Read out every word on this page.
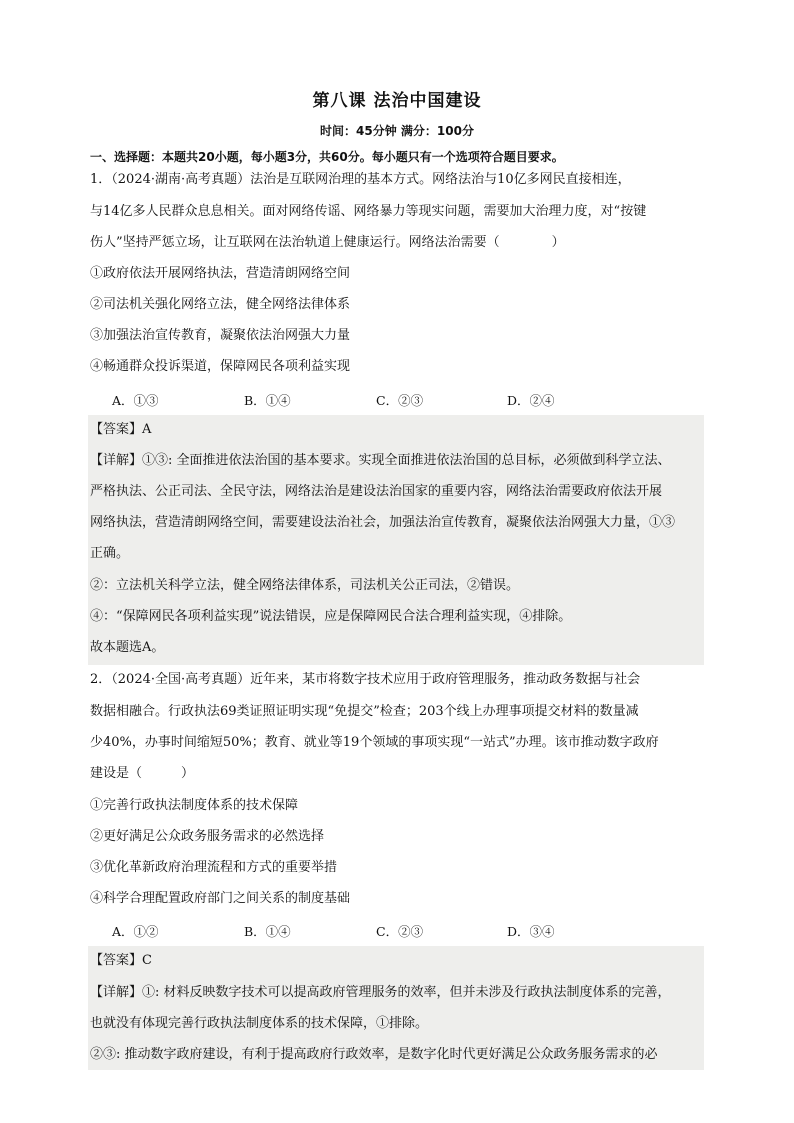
第八课 法治中国建设
时间：45分钟 满分：100分
一、选择题：本题共20小题，每小题3分，共60分。每小题只有一个选项符合题目要求。
1．（2024·湖南·高考真题）法治是互联网治理的基本方式。网络法治与10亿多网民直接相连，
与14亿多人民群众息息相关。面对网络传谣、网络暴力等现实问题，需要加大治理力度，对“按键
伤人”坚持严惩立场，让互联网在法治轨道上健康运行。网络法治需要（　　　　）
①政府依法开展网络执法，营造清朗网络空间
②司法机关强化网络立法，健全网络法律体系
③加强法治宣传教育，凝聚依法治网强大力量
④畅通群众投诉渠道，保障网民各项利益实现
A．①③	B．①④	C．②③	D．②④
【答案】A
【详解】①③: 全面推进依法治国的基本要求。实现全面推进依法治国的总目标，必须做到科学立法、
严格执法、公正司法、全民守法，网络法治是建设法治国家的重要内容，网络法治需要政府依法开展
网络执法，营造清朗网络空间，需要建设法治社会，加强法治宣传教育，凝聚依法治网强大力量，①③
正确。
②：立法机关科学立法，健全网络法律体系，司法机关公正司法，②错误。
④：“保障网民各项利益实现”说法错误，应是保障网民合法合理利益实现，④排除。
故本题选A。
2．（2024·全国·高考真题）近年来，某市将数字技术应用于政府管理服务，推动政务数据与社会
数据相融合。行政执法69类证照证明实现“免提交”检查；203个线上办理事项提交材料的数量减
少40%，办事时间缩短50%；教育、就业等19个领域的事项实现“一站式”办理。该市推动数字政府
建设是（　　　）
①完善行政执法制度体系的技术保障
②更好满足公众政务服务需求的必然选择
③优化革新政府治理流程和方式的重要举措
④科学合理配置政府部门之间关系的制度基础
A．①②	B．①④	C．②③	D．③④
【答案】C
【详解】①: 材料反映数字技术可以提高政府管理服务的效率，但并未涉及行政执法制度体系的完善，
也就没有体现完善行政执法制度体系的技术保障，①排除。
②③: 推动数字政府建设，有利于提高政府行政效率，是数字化时代更好满足公众政务服务需求的必
